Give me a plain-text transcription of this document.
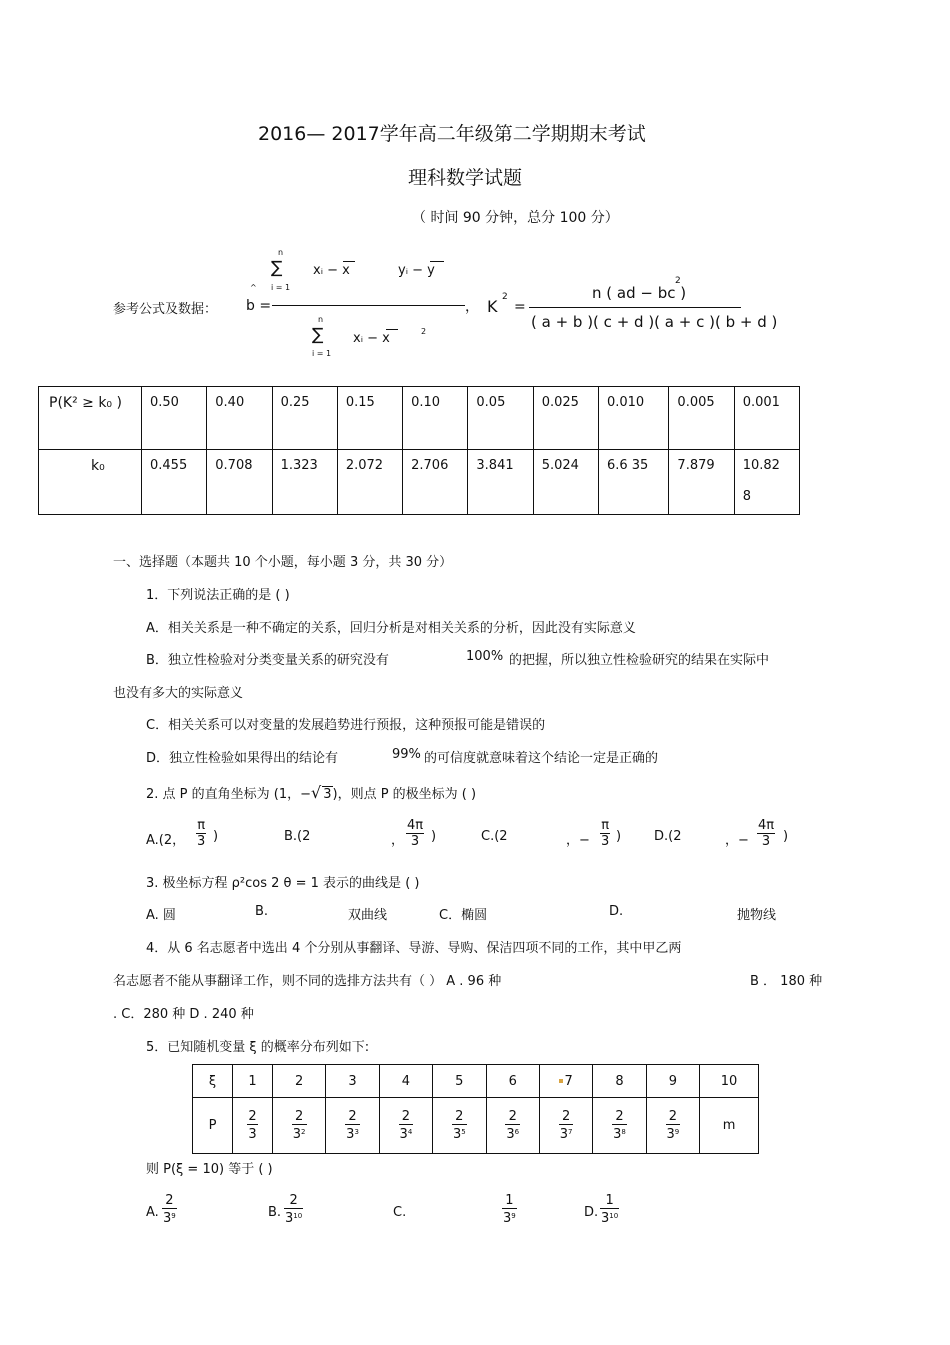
2016— 2017学年高二年级第二学期期末考试
理科数学试题
（ 时间 90 分钟，总分 100 分）
参考公式及数据：
^
b =
n
∑
i = 1
xᵢ − x	yᵢ − y
n
∑
i = 1
xᵢ − x	2
， K 2
=
n ( ad − bc )
2
( a + b )( c + d )( a + c )( b + d )
P(K² ≥ k₀ )	0.50	0.40	0.25	0.15	0.10	0.05	0.025	0.010	0.005	0.001
k₀	0.455	0.708	1.323	2.072	2.706	3.841	5.024	6.6 35	7.879	10.82
8
一、选择题（本题共 10 个小题，每小题 3 分，共 30 分）
1．下列说法正确的是 ( )
A．相关关系是一种不确定的关系，回归分析是对相关关系的分析，因此没有实际意义
B．独立性检验对分类变量关系的研究没有	100% 的把握，所以独立性检验研究的结果在实际中
也没有多大的实际意义
C．相关关系可以对变量的发展趋势进行预报，这种预报可能是错误的
D．独立性检验如果得出的结论有	99% 的可信度就意味着这个结论一定是正确的
2. 点 P 的直角坐标为 (1，−√ 3)，则点 P 的极坐标为 ( )
A.(2， $\frac{\pi}{3}$ )	B.(2	， $\frac{4\pi}{3}$ )	C.(2	，− $\frac{\pi}{3}$ )	D.(2	，− $\frac{4\pi}{3}$ )
3. 极坐标方程 ρ²cos 2 θ = 1 表示的曲线是 ( )
A. 圆	B.	双曲线	C．椭圆	D.	抛物线
4．从 6 名志愿者中选出 4 个分别从事翻译、导游、导购、保洁四项不同的工作，其中甲乙两
名志愿者不能从事翻译工作，则不同的选排方法共有（ ） A . 96 种	B ． 180 种
. C．280 种 D . 240 种
5．已知随机变量 ξ 的概率分布列如下:
ξ	1	2	3	4	5	6	7	8	9	10
P	$\frac{2}{3}$	$\frac{2}{3^2}$	$\frac{2}{3^3}$	$\frac{2}{3^4}$	$\frac{2}{3^5}$	$\frac{2}{3^6}$	$\frac{2}{3^7}$	$\frac{2}{3^8}$	$\frac{2}{3^9}$	m
则 P(ξ = 10) 等于 ( )
A. $\frac{2}{3^9}$	B. $\frac{2}{3^{10}}$	C.	$\frac{1}{3^9}$	D. $\frac{1}{3^{10}}$
